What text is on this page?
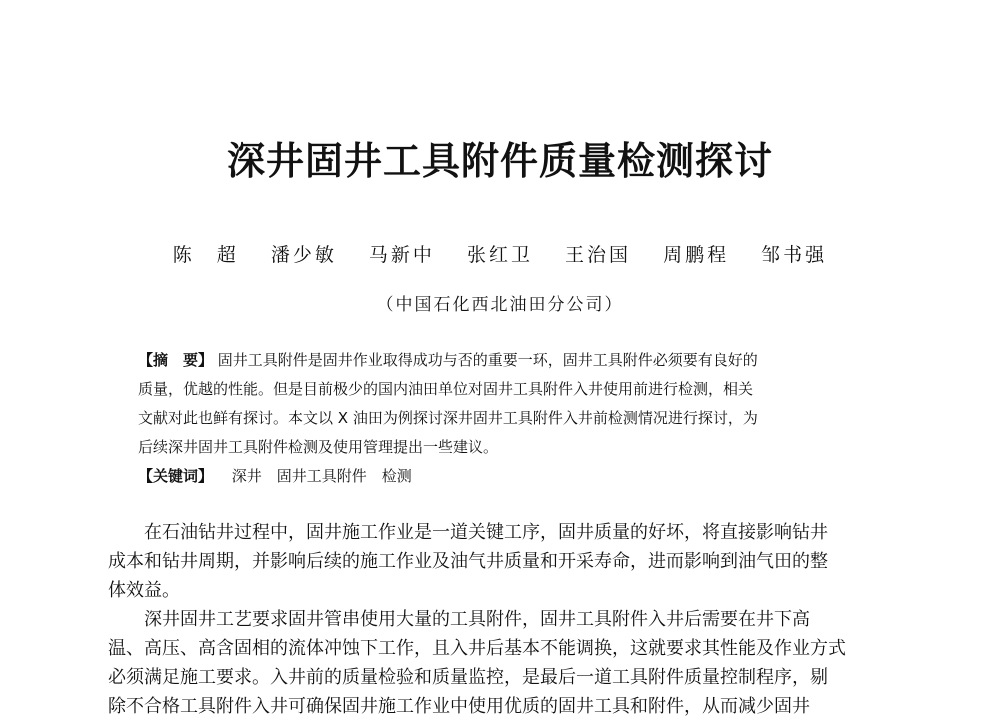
深井固井工具附件质量检测探讨
陈　超 潘少敏 马新中 张红卫 王治国 周鹏程 邹书强
（中国石化西北油田分公司）
【摘　要】 固井工具附件是固井作业取得成功与否的重要一环，固井工具附件必须要有良好的
质量，优越的性能。但是目前极少的国内油田单位对固井工具附件入井使用前进行检测，相关
文献对此也鲜有探讨。本文以 X 油田为例探讨深井固井工具附件入井前检测情况进行探讨，为
后续深井固井工具附件检测及使用管理提出一些建议。
【关键词】 深井　固井工具附件　检测
在石油钻井过程中，固井施工作业是一道关键工序，固井质量的好坏，将直接影响钻井
成本和钻井周期，并影响后续的施工作业及油气井质量和开采寿命，进而影响到油气田的整
体效益。
深井固井工艺要求固井管串使用大量的工具附件，固井工具附件入井后需要在井下高
温、高压、高含固相的流体冲蚀下工作，且入井后基本不能调换，这就要求其性能及作业方式
必须满足施工要求。入井前的质量检验和质量监控，是最后一道工具附件质量控制程序，剔
除不合格工具附件入井可确保固井施工作业中使用优质的固井工具和附件，从而减少固井
